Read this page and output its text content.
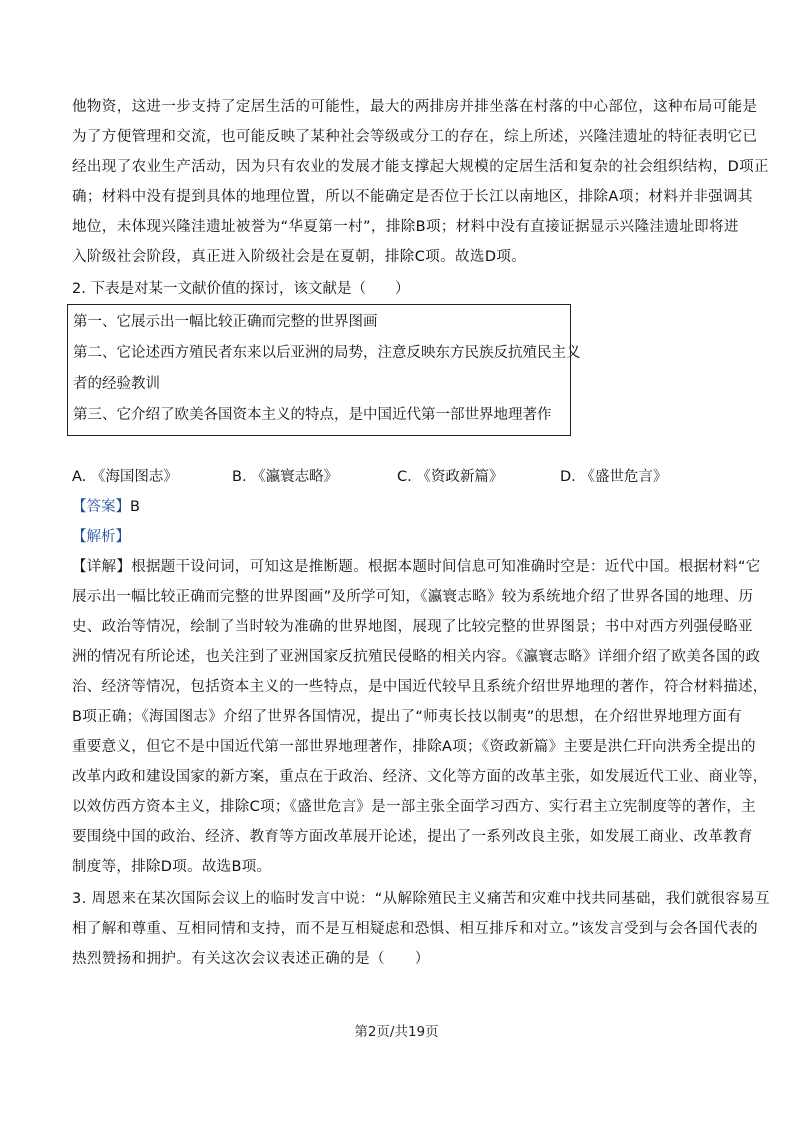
他物资，这进一步支持了定居生活的可能性，最大的两排房并排坐落在村落的中心部位，这种布局可能是
为了方便管理和交流，也可能反映了某种社会等级或分工的存在，综上所述，兴隆洼遗址的特征表明它已
经出现了农业生产活动，因为只有农业的发展才能支撑起大规模的定居生活和复杂的社会组织结构，D项正
确；材料中没有提到具体的地理位置，所以不能确定是否位于长江以南地区，排除A项；材料并非强调其
地位，未体现兴隆洼遗址被誉为“华夏第一村”，排除B项；材料中没有直接证据显示兴隆洼遗址即将进
入阶级社会阶段，真正进入阶级社会是在夏朝，排除C项。故选D项。
2. 下表是对某一文献价值的探讨，该文献是（　　）
第一、它展示出一幅比较正确而完整的世界图画
第二、它论述西方殖民者东来以后亚洲的局势，注意反映东方民族反抗殖民主义
者的经验教训
第三、它介绍了欧美各国资本主义的特点，是中国近代第一部世界地理著作
A. 《海国图志》	B. 《瀛寰志略》	C. 《资政新篇》	D. 《盛世危言》
【答案】B
【解析】
【详解】根据题干设问词，可知这是推断题。根据本题时间信息可知准确时空是：近代中国。根据材料“它
展示出一幅比较正确而完整的世界图画”及所学可知，《瀛寰志略》较为系统地介绍了世界各国的地理、历
史、政治等情况，绘制了当时较为准确的世界地图，展现了比较完整的世界图景；书中对西方列强侵略亚
洲的情况有所论述，也关注到了亚洲国家反抗殖民侵略的相关内容。《瀛寰志略》详细介绍了欧美各国的政
治、经济等情况，包括资本主义的一些特点，是中国近代较早且系统介绍世界地理的著作，符合材料描述，
B项正确；《海国图志》介绍了世界各国情况，提出了“师夷长技以制夷”的思想，在介绍世界地理方面有
重要意义，但它不是中国近代第一部世界地理著作，排除A项；《资政新篇》主要是洪仁玕向洪秀全提出的
改革内政和建设国家的新方案，重点在于政治、经济、文化等方面的改革主张，如发展近代工业、商业等，
以效仿西方资本主义，排除C项；《盛世危言》是一部主张全面学习西方、实行君主立宪制度等的著作，主
要围绕中国的政治、经济、教育等方面改革展开论述，提出了一系列改良主张，如发展工商业、改革教育
制度等，排除D项。故选B项。
3. 周恩来在某次国际会议上的临时发言中说：“从解除殖民主义痛苦和灾难中找共同基础，我们就很容易互
相了解和尊重、互相同情和支持，而不是互相疑虑和恐惧、相互排斥和对立。”该发言受到与会各国代表的
热烈赞扬和拥护。有关这次会议表述正确的是（　　）
第2页/共19页
